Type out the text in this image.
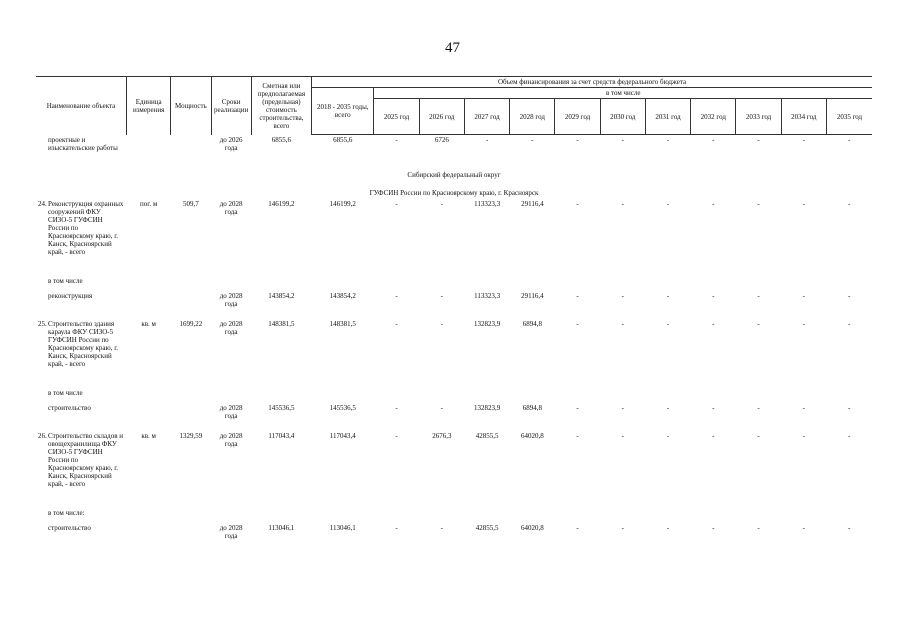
47
Наименование объекта		Единица измерения	Мощность	Сроки реализации	Сметная или предполагаемая (предельная) стоимость строительства, всего	Объем финансирования за счет средств федерального бюджета											
						2018 - 2035 годы, всего	в том числе										
							2025 год	2026 год	2027 год	2028 год	2029 год	2030 год	2031 год	2032 год	2033 год	2034 год	2035 год
	проектные и изыскательские работы			до 2026 года	6855,6	6855,6	-	6726	-	-	-	-	-	-	-	-	-

Сибирский федеральный округ																	
ГУФСИН России по Красноярскому краю, г. Красноярск																	
24.	Реконструкция охранных сооружений ФКУ СИЗО-5 ГУФСИН России по Красноярскому краю, г. Канск, Красноярский край, - всего	пог. м	509,7	до 2028 года	146199,2	146199,2	-	-	113323,3	29116,4	-	-	-	-	-	-	-

	в том числе																
	реконструкция			до 2028 года	143854,2	143854,2	-	-	113323,3	29116,4	-	-	-	-	-	-	-

25.	Строительство здания караула ФКУ СИЗО-5 ГУФСИН России по Красноярскому краю, г. Канск, Красноярский край, - всего	кв. м	1699,22	до 2028 года	148381,5	148381,5	-	-	132823,9	6894,8	-	-	-	-	-	-	-

	в том числе																
	строительство			до 2028 года	145536,5	145536,5	-	-	132823,9	6894,8	-	-	-	-	-	-	-

26.	Строительство складов и овощехранилища ФКУ СИЗО-5 ГУФСИН России по Красноярскому краю, г. Канск, Красноярский край, - всего	кв. м	1329,59	до 2028 года	117043,4	117043,4	-	2676,3	42855,5	64020,8	-	-	-	-	-	-	-

	в том числе:																
	строительство			до 2028 года	113046,1	113046,1	-	-	42855,5	64020,8	-	-	-	-	-	-	-
